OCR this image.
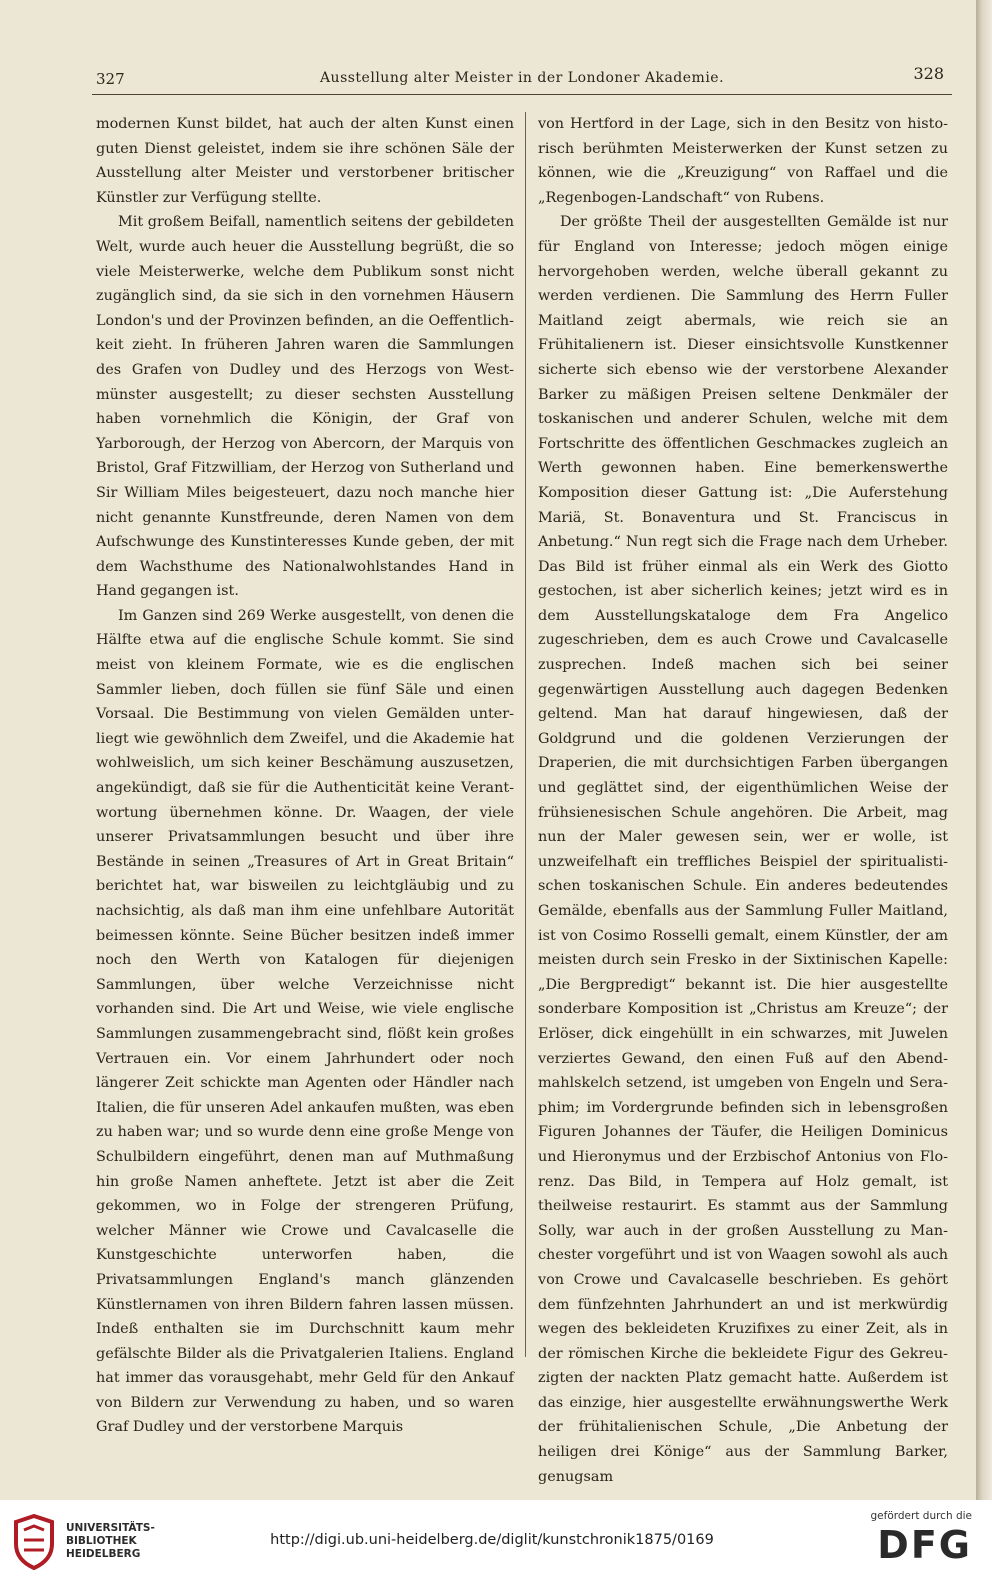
327	Ausstellung alter Meister in der Londoner Akademie.	328

modernen Kunst bildet, hat auch der alten Kunst einen guten Dienst geleistet, indem sie ihre schönen Säle der Ausstellung alter Meister und verstorbener britischer Künstler zur Verfügung stellte.

Mit großem Beifall, namentlich seitens der gebildeten Welt, wurde auch heuer die Ausstellung begrüßt, die so viele Meisterwerke, welche dem Publikum sonst nicht zugänglich sind, da sie sich in den vornehmen Häusern London's und der Provinzen befinden, an die Oeffentlichkeit zieht. In früheren Jahren waren die Sammlungen des Grafen von Dudley und des Herzogs von Westmünster ausgestellt; zu dieser sechsten Ausstellung haben vornehmlich die Königin, der Graf von Yarborough, der Herzog von Abercorn, der Marquis von Bristol, Graf Fitzwilliam, der Herzog von Sutherland und Sir William Miles beigesteuert, dazu noch manche hier nicht genannte Kunstfreunde, deren Namen von dem Aufschwunge des Kunstinteresses Kunde geben, der mit dem Wachsthume des Nationalwohlstandes Hand in Hand gegangen ist.

Im Ganzen sind 269 Werke ausgestellt, von denen die Hälfte etwa auf die englische Schule kommt. Sie sind meist von kleinem Formate, wie es die englischen Sammler lieben, doch füllen sie fünf Säle und einen Vorsaal. Die Bestimmung von vielen Gemälden unterliegt wie gewöhnlich dem Zweifel, und die Akademie hat wohlweislich, um sich keiner Beschämung auszusetzen, angekündigt, daß sie für die Authenticität keine Verantwortung übernehmen könne. Dr. Waagen, der viele unserer Privatsammlungen besucht und über ihre Bestände in seinen „Treasures of Art in Great Britain“ berichtet hat, war bisweilen zu leichtgläubig und zu nachsichtig, als daß man ihm eine unfehlbare Autorität beimessen könnte. Seine Bücher besitzen indeß immer noch den Werth von Katalogen für diejenigen Sammlungen, über welche Verzeichnisse nicht vorhanden sind. Die Art und Weise, wie viele englische Sammlungen zusammengebracht sind, flößt kein großes Vertrauen ein. Vor einem Jahrhundert oder noch längerer Zeit schickte man Agenten oder Händler nach Italien, die für unseren Adel ankaufen mußten, was eben zu haben war; und so wurde denn eine große Menge von Schulbildern eingeführt, denen man auf Muthmaßung hin große Namen anheftete. Jetzt ist aber die Zeit gekommen, wo in Folge der strengeren Prüfung, welcher Männer wie Crowe und Cavalcaselle die Kunstgeschichte unterworfen haben, die Privatsammlungen England's manch glänzenden Künstlernamen von ihren Bildern fahren lassen müssen. Indeß enthalten sie im Durchschnitt kaum mehr gefälschte Bilder als die Privatgalerien Italiens. England hat immer das vorausgehabt, mehr Geld für den Ankauf von Bildern zur Verwendung zu haben, und so waren Graf Dudley und der verstorbene Marquis

von Hertford in der Lage, sich in den Besitz von historisch berühmten Meisterwerken der Kunst setzen zu können, wie die „Kreuzigung“ von Raffael und die „Regenbogen-Landschaft“ von Rubens.

Der größte Theil der ausgestellten Gemälde ist nur für England von Interesse; jedoch mögen einige hervorgehoben werden, welche überall gekannt zu werden verdienen. Die Sammlung des Herrn Fuller Maitland zeigt abermals, wie reich sie an Frühitalienern ist. Dieser einsichtsvolle Kunstkenner sicherte sich ebenso wie der verstorbene Alexander Barker zu mäßigen Preisen seltene Denkmäler der toskanischen und anderer Schulen, welche mit dem Fortschritte des öffentlichen Geschmackes zugleich an Werth gewonnen haben. Eine bemerkenswerthe Komposition dieser Gattung ist: „Die Auferstehung Mariä, St. Bonaventura und St. Franciscus in Anbetung.“ Nun regt sich die Frage nach dem Urheber. Das Bild ist früher einmal als ein Werk des Giotto gestochen, ist aber sicherlich keines; jetzt wird es in dem Ausstellungskataloge dem Fra Angelico zugeschrieben, dem es auch Crowe und Cavalcaselle zusprechen. Indeß machen sich bei seiner gegenwärtigen Ausstellung auch dagegen Bedenken geltend. Man hat darauf hingewiesen, daß der Goldgrund und die goldenen Verzierungen der Draperien, die mit durchsichtigen Farben übergangen und geglättet sind, der eigenthümlichen Weise der frühsienesischen Schule angehören. Die Arbeit, mag nun der Maler gewesen sein, wer er wolle, ist unzweifelhaft ein treffliches Beispiel der spiritualistischen toskanischen Schule. Ein anderes bedeutendes Gemälde, ebenfalls aus der Sammlung Fuller Maitland, ist von Cosimo Rosselli gemalt, einem Künstler, der am meisten durch sein Fresko in der Sixtinischen Kapelle: „Die Bergpredigt“ bekannt ist. Die hier ausgestellte sonderbare Komposition ist „Christus am Kreuze“; der Erlöser, dick eingehüllt in ein schwarzes, mit Juwelen verziertes Gewand, den einen Fuß auf den Abendmahlskelch setzend, ist umgeben von Engeln und Seraphim; im Vordergrunde befinden sich in lebensgroßen Figuren Johannes der Täufer, die Heiligen Dominicus und Hieronymus und der Erzbischof Antonius von Florenz. Das Bild, in Tempera auf Holz gemalt, ist theilweise restaurirt. Es stammt aus der Sammlung Solly, war auch in der großen Ausstellung zu Manchester vorgeführt und ist von Waagen sowohl als auch von Crowe und Cavalcaselle beschrieben. Es gehört dem fünfzehnten Jahrhundert an und ist merkwürdig wegen des bekleideten Kruzifixes zu einer Zeit, als in der römischen Kirche die bekleidete Figur des Gekreuzigten der nackten Platz gemacht hatte. Außerdem ist das einzige, hier ausgestellte erwähnungswerthe Werk der frühitalienischen Schule, „Die Anbetung der heiligen drei Könige“ aus der Sammlung Barker, genugsam

UNIVERSITÄTS-
BIBLIOTHEK
HEIDELBERG
http://digi.ub.uni-heidelberg.de/diglit/kunstchronik1875/0169
gefördert durch die
DFG
